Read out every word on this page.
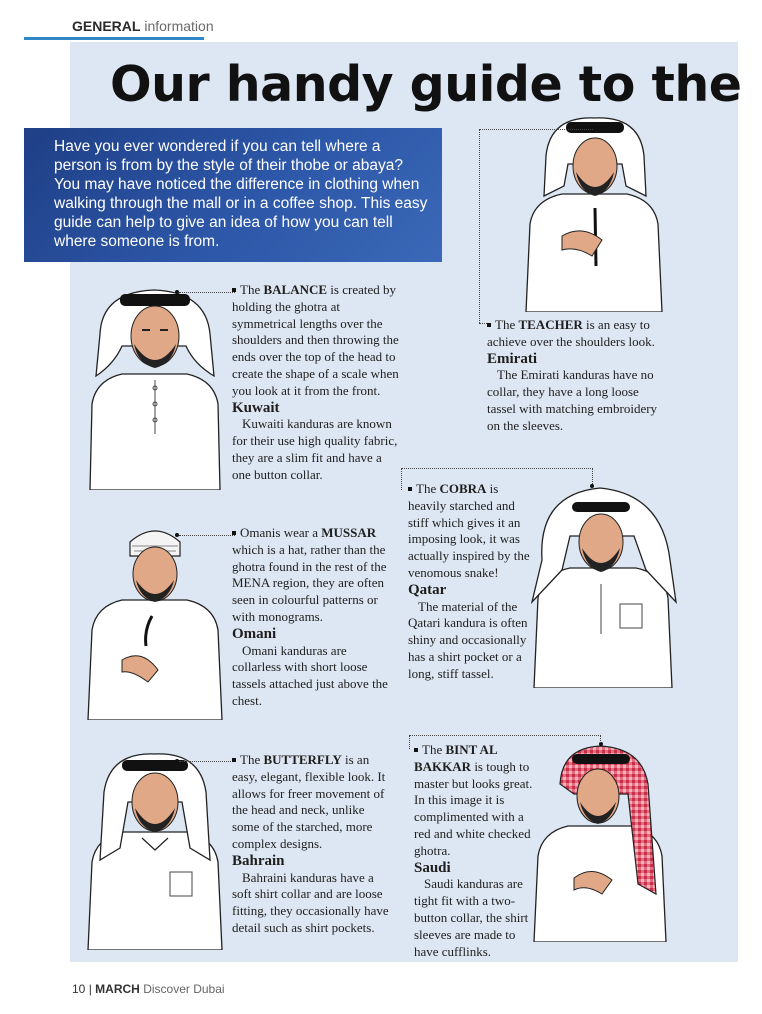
GENERAL information
Our handy guide to the
Have you ever wondered if you can tell where a person is from by the style of their thobe or abaya? You may have noticed the difference in clothing when walking through the mall or in a coffee shop. This easy guide can help to give an idea of how you can tell where someone is from.

The BALANCE is created by holding the ghotra at symmetrical lengths over the shoulders and then throwing the ends over the top of the head to create the shape of a scale when you look at it from the front.

Kuwait

Kuwaiti kanduras are known for their use high quality fabric, they are a slim fit and have a one button collar.

Omanis wear a MUSSAR which is a hat, rather than the ghotra found in the rest of the MENA region, they are often seen in colourful patterns or with monograms.

Omani

Omani kanduras are collarless with short loose tassels attached just above the chest.

The BUTTERFLY is an easy, elegant, flexible look. It allows for freer movement of the head and neck, unlike some of the starched, more complex designs.

Bahrain

Bahraini kanduras have a soft shirt collar and are loose fitting, they occasionally have detail such as shirt pockets.

The TEACHER is an easy to achieve over the shoulders look.

Emirati

The Emirati kanduras have no collar, they have a long loose tassel with matching embroidery on the sleeves.

The COBRA is heavily starched and stiff which gives it an imposing look, it was actually inspired by the venomous snake!

Qatar

The material of the Qatari kandura is often shiny and occasionally has a shirt pocket or a long, stiff tassel.

The BINT AL BAKKAR is tough to master but looks great. In this image it is complimented with a red and white checked ghotra.

Saudi

Saudi kanduras are tight fit with a two-button collar, the shirt sleeves are made to have cufflinks.

10 | MARCH Discover Dubai
